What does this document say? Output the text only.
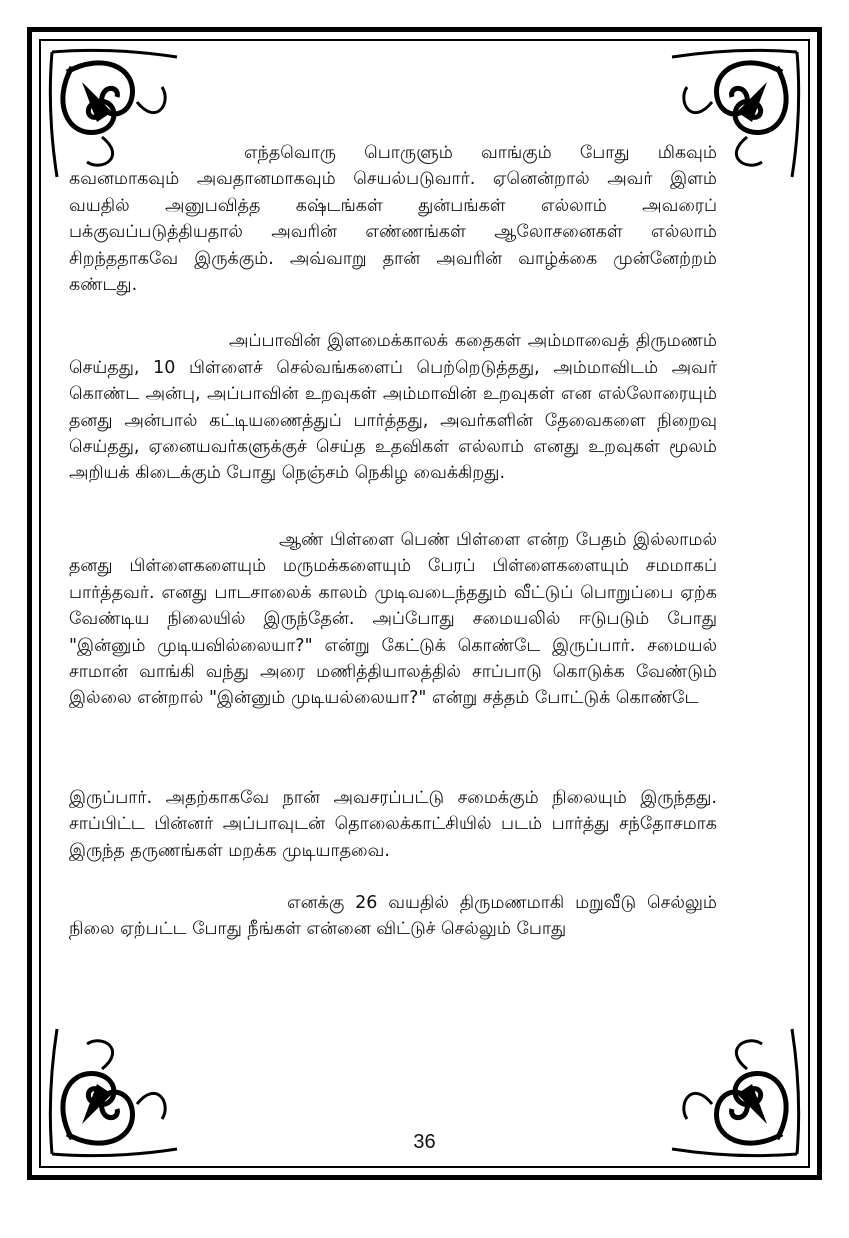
எந்தவொரு பொருளும் வாங்கும் போது மிகவும் கவனமாகவும் அவதானமாகவும் செயல்படுவார். ஏனென்றால் அவர் இளம் வயதில் அனுபவித்த கஷ்டங்கள் துன்பங்கள் எல்லாம் அவரைப் பக்குவப்படுத்தியதால் அவரின் எண்ணங்கள் ஆலோசனைகள் எல்லாம் சிறந்ததாகவே இருக்கும். அவ்வாறு தான் அவரின் வாழ்க்கை முன்னேற்றம் கண்டது.

அப்பாவின் இளமைக்காலக் கதைகள் அம்மாவைத் திருமணம் செய்தது, 10 பிள்ளைச் செல்வங்களைப் பெற்றெடுத்தது, அம்மாவிடம் அவர் கொண்ட அன்பு, அப்பாவின் உறவுகள் அம்மாவின் உறவுகள் என எல்லோரையும் தனது அன்பால் கட்டியணைத்துப் பார்த்தது, அவர்களின் தேவைகளை நிறைவு செய்தது, ஏனையவர்களுக்குச் செய்த உதவிகள் எல்லாம் எனது உறவுகள் மூலம் அறியக் கிடைக்கும் போது நெஞ்சம் நெகிழ வைக்கிறது.

ஆண் பிள்ளை பெண் பிள்ளை என்ற பேதம் இல்லாமல் தனது பிள்ளைகளையும் மருமக்களையும் பேரப் பிள்ளைகளையும் சமமாகப் பார்த்தவர். எனது பாடசாலைக் காலம் முடிவடைந்ததும் வீட்டுப் பொறுப்பை ஏற்க வேண்டிய நிலையில் இருந்தேன். அப்போது சமையலில் ஈடுபடும் போது "இன்னும் முடியவில்லையா?" என்று கேட்டுக் கொண்டே இருப்பார். சமையல் சாமான் வாங்கி வந்து அரை மணித்தியாலத்தில் சாப்பாடு கொடுக்க வேண்டும் இல்லை என்றால் "இன்னும் முடியல்லையா?" என்று சத்தம் போட்டுக் கொண்டே

இருப்பார். அதற்காகவே நான் அவசரப்பட்டு சமைக்கும் நிலையும் இருந்தது. சாப்பிட்ட பின்னர் அப்பாவுடன் தொலைக்காட்சியில் படம் பார்த்து சந்தோசமாக இருந்த தருணங்கள் மறக்க முடியாதவை.

எனக்கு 26 வயதில் திருமணமாகி மறுவீடு செல்லும் நிலை ஏற்பட்ட போது நீங்கள் என்னை விட்டுச் செல்லும் போது

36
